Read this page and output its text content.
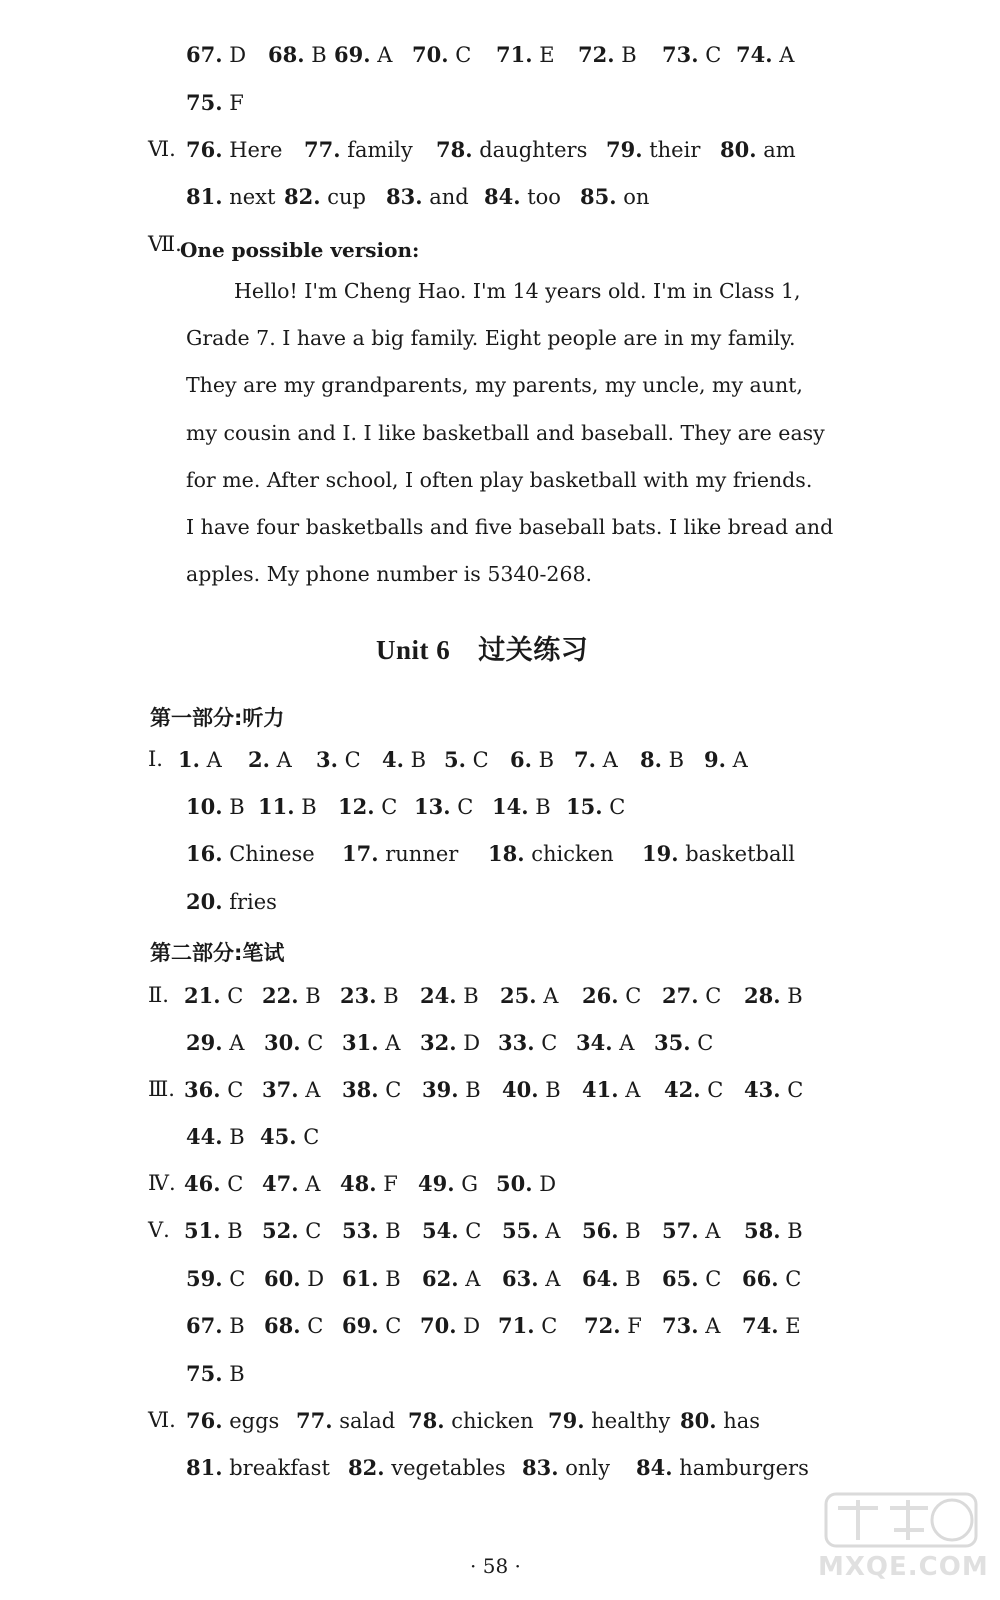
67. D 68. B 69. A 70. C 71. E 72. B 73. C 74. A
75. F
Ⅵ. 76. Here 77. family 78. daughters 79. their 80. am
81. next 82. cup 83. and 84. too 85. on
Ⅶ.
One possible version:
Hello! I'm Cheng Hao. I'm 14 years old. I'm in Class 1,
Grade 7. I have a big family. Eight people are in my family.
They are my grandparents, my parents, my uncle, my aunt,
my cousin and I. I like basketball and baseball. They are easy
for me. After school, I often play basketball with my friends.
I have four basketballs and five baseball bats. I like bread and
apples. My phone number is 5340-268.
Unit 6 过关练习
第一部分:听力
Ⅰ. 1. A 2. A 3. C 4. B 5. C 6. B 7. A 8. B 9. A
10. B 11. B 12. C 13. C 14. B 15. C
16. Chinese 17. runner 18. chicken 19. basketball
20. fries
第二部分:笔试
Ⅱ. 21. C 22. B 23. B 24. B 25. A 26. C 27. C 28. B
29. A 30. C 31. A 32. D 33. C 34. A 35. C
Ⅲ. 36. C 37. A 38. C 39. B 40. B 41. A 42. C 43. C
44. B 45. C
Ⅳ. 46. C 47. A 48. F 49. G 50. D
Ⅴ. 51. B 52. C 53. B 54. C 55. A 56. B 57. A 58. B
59. C 60. D 61. B 62. A 63. A 64. B 65. C 66. C
67. B 68. C 69. C 70. D 71. C 72. F 73. A 74. E
75. B
Ⅵ. 76. eggs 77. salad 78. chicken 79. healthy 80. has
81. breakfast 82. vegetables 83. only 84. hamburgers
· 58 ·	MXQE.COM
